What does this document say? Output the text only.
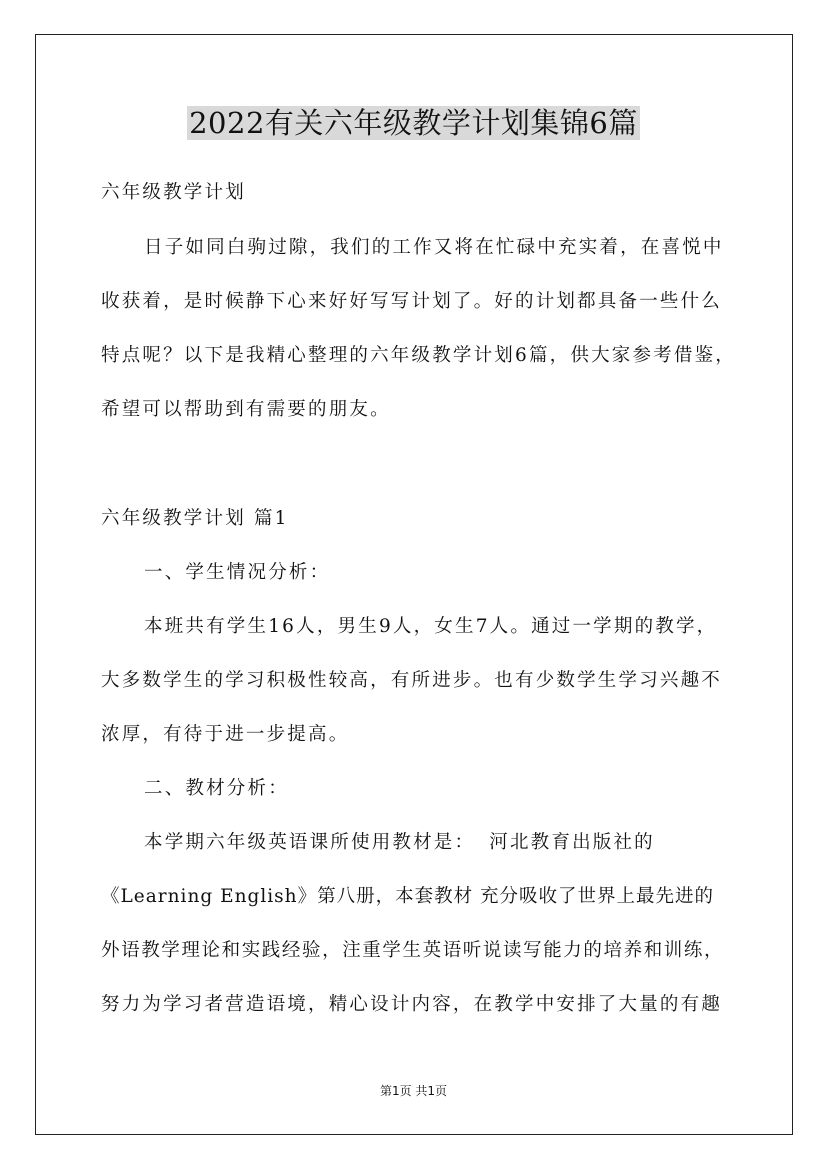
2022有关六年级教学计划集锦6篇
六年级教学计划
日子如同白驹过隙，我们的工作又将在忙碌中充实着，在喜悦中
收获着，是时候静下心来好好写写计划了。好的计划都具备一些什么
特点呢？以下是我精心整理的六年级教学计划6篇，供大家参考借鉴，
希望可以帮助到有需要的朋友。
六年级教学计划 篇1
一、学生情况分析：
本班共有学生16人，男生9人，女生7人。通过一学期的教学，
大多数学生的学习积极性较高，有所进步。也有少数学生学习兴趣不
浓厚，有待于进一步提高。
二、教材分析：
本学期六年级英语课所使用教材是： 河北教育出版社的
《Learning English》第八册，本套教材 充分吸收了世界上最先进的
外语教学理论和实践经验，注重学生英语听说读写能力的培养和训练，
努力为学习者营造语境，精心设计内容，在教学中安排了大量的有趣
第1页 共1页
